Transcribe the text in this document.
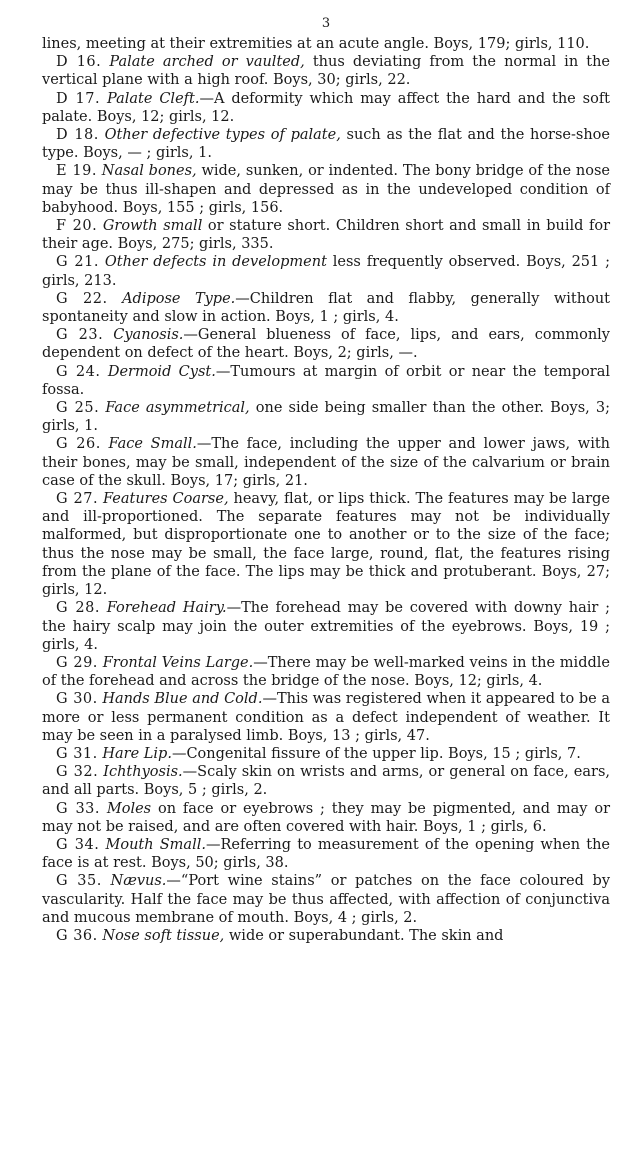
3

lines, meeting at their extremities at an acute angle. Boys, 179; girls, 110.

D 16. Palate arched or vaulted, thus deviating from the normal in the vertical plane with a high roof. Boys, 30; girls, 22.

D 17. Palate Cleft.—A deformity which may affect the hard and the soft palate. Boys, 12; girls, 12.

D 18. Other defective types of palate, such as the flat and the horse-shoe type. Boys, — ; girls, 1.

E 19. Nasal bones, wide, sunken, or indented. The bony bridge of the nose may be thus ill-shapen and depressed as in the undeveloped condition of babyhood. Boys, 155 ; girls, 156.

F 20. Growth small or stature short. Children short and small in build for their age. Boys, 275; girls, 335.

G 21. Other defects in development less frequently observed. Boys, 251 ; girls, 213.

G 22. Adipose Type.—Children flat and flabby, generally without spontaneity and slow in action. Boys, 1 ; girls, 4.

G 23. Cyanosis.—General blueness of face, lips, and ears, commonly dependent on defect of the heart. Boys, 2; girls, —.

G 24. Dermoid Cyst.—Tumours at margin of orbit or near the temporal fossa.

G 25. Face asymmetrical, one side being smaller than the other. Boys, 3; girls, 1.

G 26. Face Small.—The face, including the upper and lower jaws, with their bones, may be small, independent of the size of the calvarium or brain case of the skull. Boys, 17; girls, 21.

G 27. Features Coarse, heavy, flat, or lips thick. The features may be large and ill-proportioned. The separate features may not be individually malformed, but disproportionate one to another or to the size of the face; thus the nose may be small, the face large, round, flat, the features rising from the plane of the face. The lips may be thick and protuberant. Boys, 27; girls, 12.

G 28. Forehead Hairy.—The forehead may be covered with downy hair ; the hairy scalp may join the outer extremities of the eyebrows. Boys, 19 ; girls, 4.

G 29. Frontal Veins Large.—There may be well-marked veins in the middle of the forehead and across the bridge of the nose. Boys, 12; girls, 4.

G 30. Hands Blue and Cold.—This was registered when it appeared to be a more or less permanent condition as a defect independent of weather. It may be seen in a paralysed limb. Boys, 13 ; girls, 47.

G 31. Hare Lip.—Congenital fissure of the upper lip. Boys, 15 ; girls, 7.

G 32. Ichthyosis.—Scaly skin on wrists and arms, or general on face, ears, and all parts. Boys, 5 ; girls, 2.

G 33. Moles on face or eyebrows ; they may be pigmented, and may or may not be raised, and are often covered with hair. Boys, 1 ; girls, 6.

G 34. Mouth Small.—Referring to measurement of the opening when the face is at rest. Boys, 50; girls, 38.

G 35. Nævus.—“Port wine stains” or patches on the face coloured by vascularity. Half the face may be thus affected, with affection of conjunctiva and mucous membrane of mouth. Boys, 4 ; girls, 2.

G 36. Nose soft tissue, wide or superabundant. The skin and
